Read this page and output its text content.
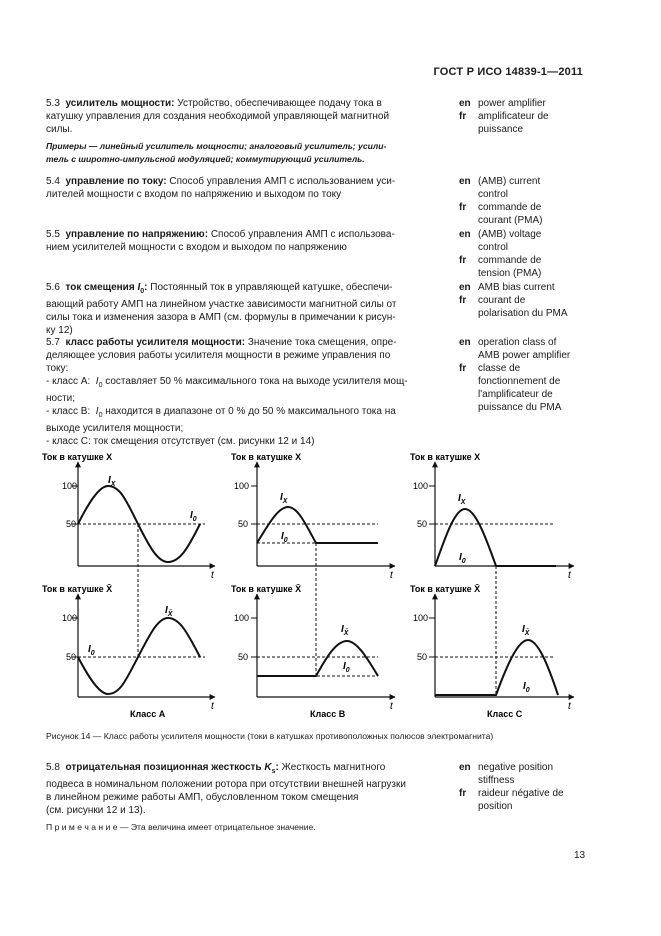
ГОСТ Р ИСО 14839-1—2011
5.3 усилитель мощности: Устройство, обеспечивающее подачу тока в
катушку управления для создания необходимой управляющей магнитной
силы.
Примеры — линейный усилитель мощности; аналоговый усилитель; усили-
тель с широтно-импульсной модуляцией; коммутирующий усилитель.
en power amplifier
fr	amplificateur de
puissance
5.4 управление по току: Способ управления АМП с использованием уси-
лителей мощности с входом по напряжению и выходом по току
en (AMB) current
control
fr	commande de
courant (PMA)
5.5 управление по напряжению: Способ управления АМП с использова-
нием усилителей мощности с входом и выходом по напряжению
en (AMB) voltage
control
fr	commande de
tension (PMA)
5.6 ток смещения $I_0$: Постоянный ток в управляющей катушке, обеспечи-
вающий работу АМП на линейном участке зависимости магнитной силы от
силы тока и изменения зазора в АМП (см. формулы в примечании к рисун-
ку 12)
en AMB bias current
fr	courant de
polarisation du PMA
5.7 класс работы усилителя мощности: Значение тока смещения, опре-
деляющее условия работы усилителя мощности в режиме управления по
току:
- класс А: $I_0$ составляет 50 % максимального тока на выходе усилителя мощ-
ности;
- класс В: $I_0$ находится в диапазоне от 0 % до 50 % максимального тока на
выходе усилителя мощности;
- класс С: ток смещения отсутствует (см. рисунки 12 и 14)
en operation class of
AMB power amplifier
fr	classe de
fonctionnement de
l'amplificateur de
puissance du PMA
Ток в катушке X
100
50
$I_X$
$I_0$
t
Ток в катушке X̄
100
50
$I_{X̄}$
$I_0$
t
Класс А
Ток в катушке X
100
50
$I_X$
$I_0$
t
Ток в катушке X̄
100
50
$I_{X̄}$
$I_0$
t
Класс В
Ток в катушке X
100
50
$I_X$
$I_0$
t
Ток в катушке X̄
100
50
$I_{X̄}$
$I_0$
t
Класс С
Рисунок 14 — Класс работы усилителя мощности (токи в катушках противоположных полюсов электромагнита)
5.8 отрицательная позиционная жесткость $K_s$: Жесткость магнитного
подвеса в номинальном положении ротора при отсутствии внешней нагрузки
в линейном режиме работы АМП, обусловленном током смещения
(см. рисунки 12 и 13).
en negative position
stiffness
fr	raideur négative de
position
П р и м е ч а н и е — Эта величина имеет отрицательное значение.
13
